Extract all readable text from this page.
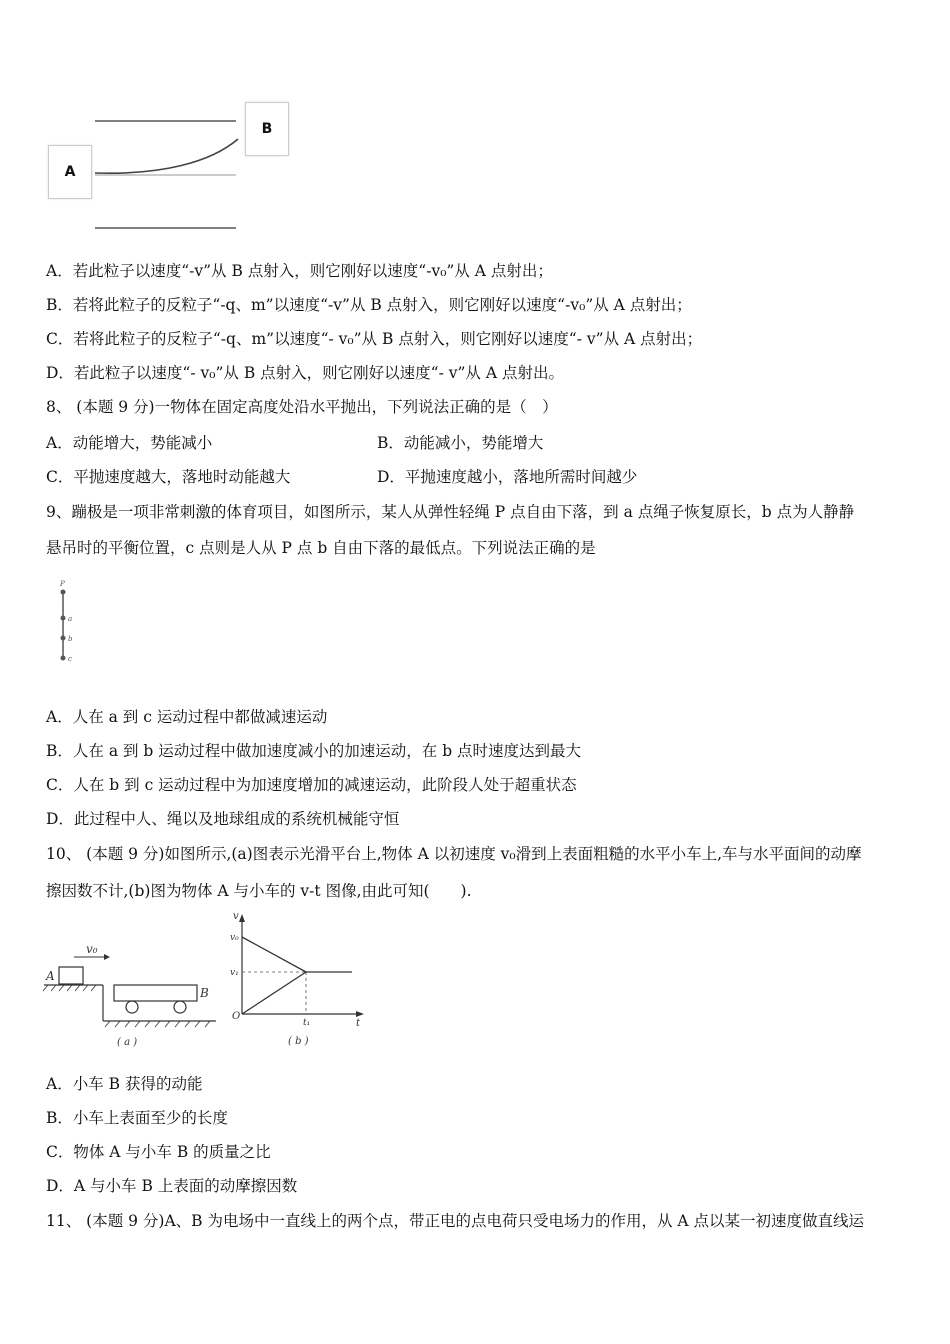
A
B
A．若此粒子以速度“-v”从 B 点射入，则它刚好以速度“-v₀”从 A 点射出；
B．若将此粒子的反粒子“-q、m”以速度“-v”从 B 点射入，则它刚好以速度“-v₀”从 A 点射出；
C．若将此粒子的反粒子“-q、m”以速度“- v₀”从 B 点射入，则它刚好以速度“- v”从 A 点射出；
D．若此粒子以速度“- v₀”从 B 点射入，则它刚好以速度“- v”从 A 点射出。
8、 (本题 9 分)一物体在固定高度处沿水平抛出，下列说法正确的是（　）
A．动能增大，势能减小	B．动能减小，势能增大
C．平抛速度越大，落地时动能越大	D．平抛速度越小，落地所需时间越少
9、蹦极是一项非常刺激的体育项目，如图所示，某人从弹性轻绳 P 点自由下落，到 a 点绳子恢复原长，b 点为人静静
悬吊时的平衡位置，c 点则是人从 P 点 b 自由下落的最低点。下列说法正确的是
P
a
b
c
A．人在 a 到 c 运动过程中都做减速运动
B．人在 a 到 b 运动过程中做加速度减小的加速运动，在 b 点时速度达到最大
C．人在 b 到 c 运动过程中为加速度增加的减速运动，此阶段人处于超重状态
D．此过程中人、绳以及地球组成的系统机械能守恒
10、 (本题 9 分)如图所示,(a)图表示光滑平台上,物体 A 以初速度 v₀滑到上表面粗糙的水平小车上,车与水平面间的动摩
擦因数不计,(b)图为物体 A 与小车的 v-t 图像,由此可知(　　).
v₀
A
B
( a )
v
t
O
v₀
v₁
t₁
( b )
A．小车 B 获得的动能
B．小车上表面至少的长度
C．物体 A 与小车 B 的质量之比
D．A 与小车 B 上表面的动摩擦因数
11、 (本题 9 分)A、B 为电场中一直线上的两个点，带正电的点电荷只受电场力的作用，从 A 点以某一初速度做直线运
